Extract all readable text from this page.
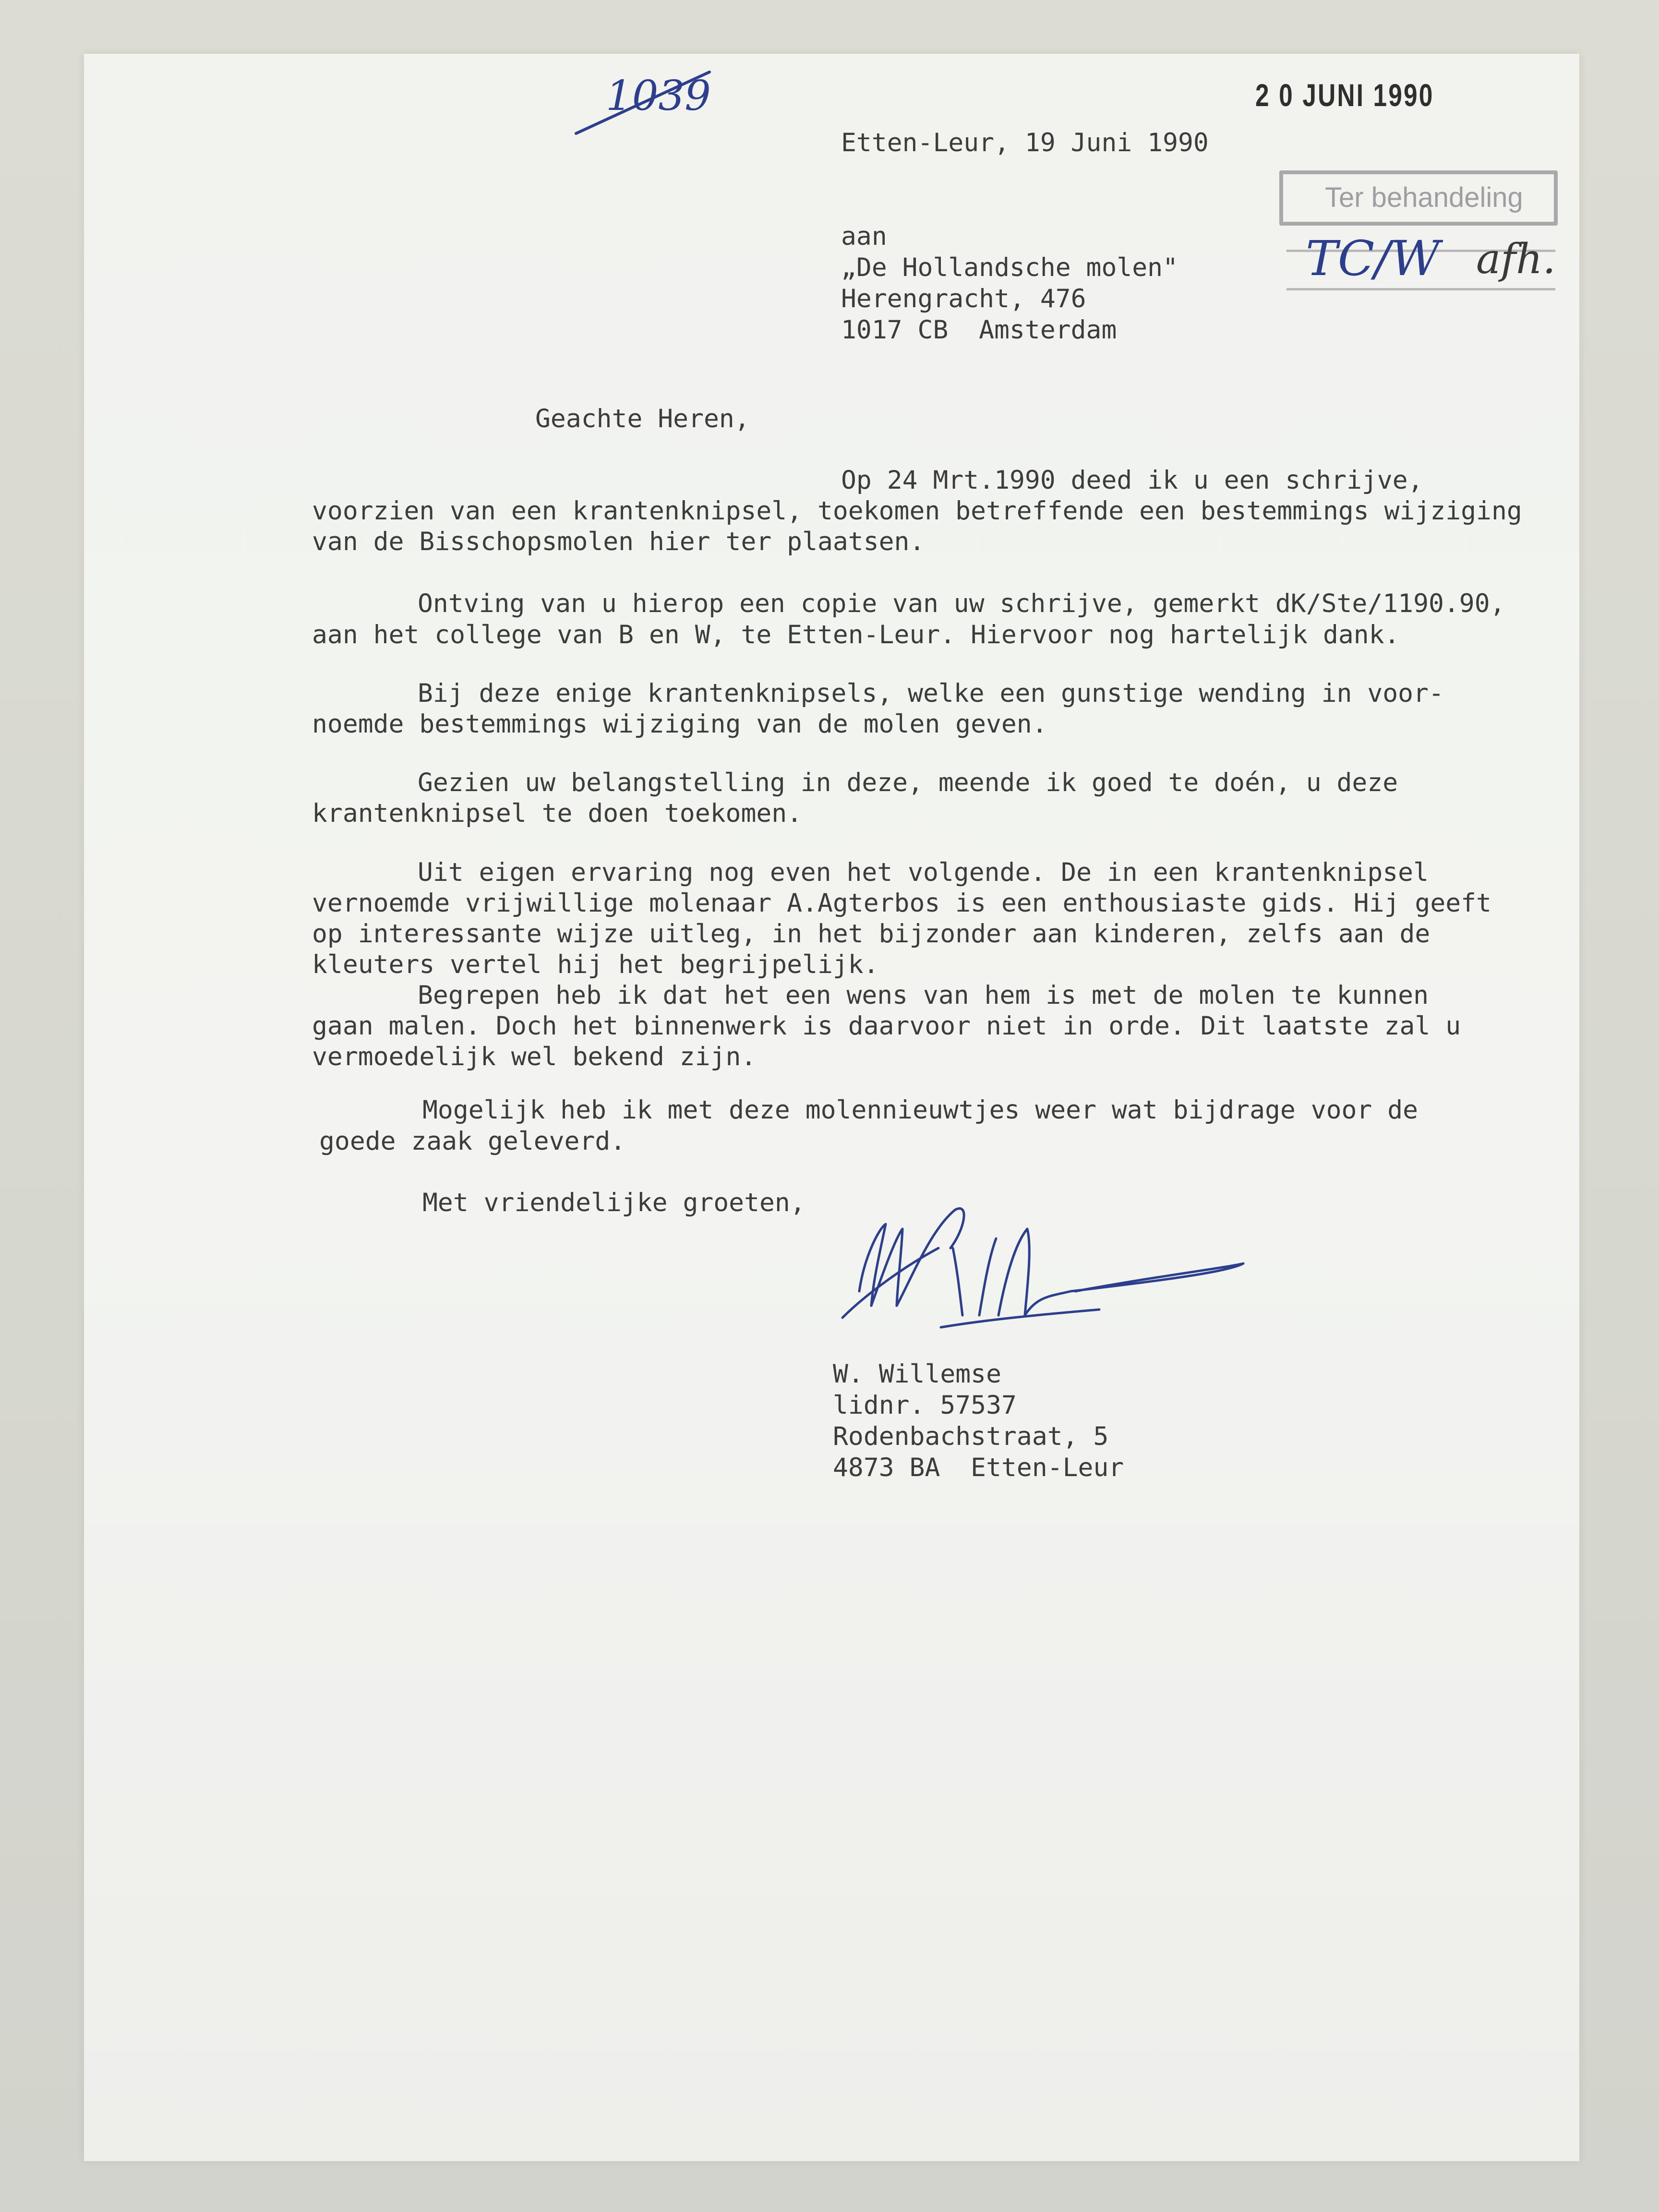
1039	2 0 JUNI 1990
Ter behandeling
TC/W afh.

Etten-Leur, 19 Juni 1990

aan

„De Hollandsche molen"

Herengracht, 476

1017 CB  Amsterdam

Geachte Heren,

Op 24 Mrt.1990 deed ik u een schrijve,

voorzien van een krantenknipsel, toekomen betreffende een bestemmings wijziging

van de Bisschopsmolen hier ter plaatsen.

Ontving van u hierop een copie van uw schrijve, gemerkt dK/Ste/1190.90,

aan het college van B en W, te Etten-Leur. Hiervoor nog hartelijk dank.

Bij deze enige krantenknipsels, welke een gunstige wending in voor-

noemde bestemmings wijziging van de molen geven.

Gezien uw belangstelling in deze, meende ik goed te doén, u deze

krantenknipsel te doen toekomen.

Uit eigen ervaring nog even het volgende. De in een krantenknipsel

vernoemde vrijwillige molenaar A.Agterbos is een enthousiaste gids. Hij geeft

op interessante wijze uitleg, in het bijzonder aan kinderen, zelfs aan de

kleuters vertel hij het begrijpelijk.

Begrepen heb ik dat het een wens van hem is met de molen te kunnen

gaan malen. Doch het binnenwerk is daarvoor niet in orde. Dit laatste zal u

vermoedelijk wel bekend zijn.

Mogelijk heb ik met deze molennieuwtjes weer wat bijdrage voor de

goede zaak geleverd.

Met vriendelijke groeten,

W. Willemse

lidnr. 57537

Rodenbachstraat, 5

4873 BA  Etten-Leur
